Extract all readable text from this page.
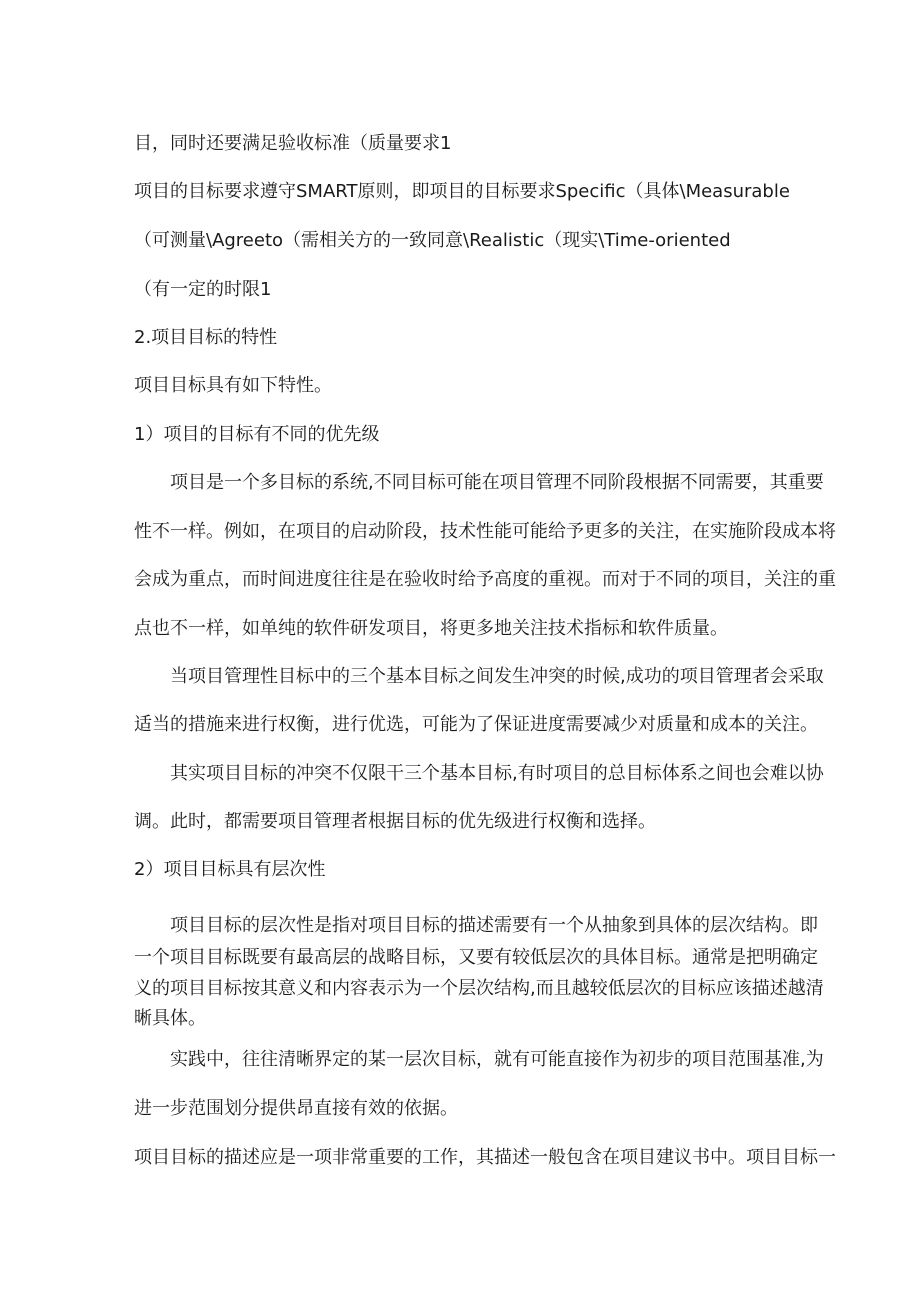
目，同时还要满足验收标准（质量要求1
项目的目标要求遵守SMART原则，即项目的目标要求Specific（具体\Measurable
（可测量\Agreeto（需相关方的一致同意\Realistic（现实\Time-oriented
（有一定的时限1
2.项目目标的特性
项目目标具有如下特性。
1）项目的目标有不同的优先级
项目是一个多目标的系统,不同目标可能在项目管理不同阶段根据不同需要，其重要
性不一样。例如，在项目的启动阶段，技术性能可能给予更多的关注，在实施阶段成本将
会成为重点，而时间进度往往是在验收时给予高度的重视。而对于不同的项目，关注的重
点也不一样，如单纯的软件研发项目，将更多地关注技术指标和软件质量。
当项目管理性目标中的三个基本目标之间发生冲突的时候,成功的项目管理者会采取
适当的措施来进行权衡，进行优选，可能为了保证进度需要减少对质量和成本的关注。
其实项目目标的冲突不仅限干三个基本目标,有时项目的总目标体系之间也会难以协
调。此时，都需要项目管理者根据目标的优先级进行权衡和选择。
2）项目目标具有层次性
项目目标的层次性是指对项目目标的描述需要有一个从抽象到具体的层次结构。即
一个项目目标既要有最高层的战略目标，又要有较低层次的具体目标。通常是把明确定
义的项目目标按其意义和内容表示为一个层次结构,而且越较低层次的目标应该描述越清
晰具体。
实践中，往往清晰界定的某一层次目标，就有可能直接作为初步的项目范围基准,为
进一步范围划分提供昂直接有效的依据。
项目目标的描述应是一项非常重要的工作，其描述一般包含在项目建议书中。项目目标一
